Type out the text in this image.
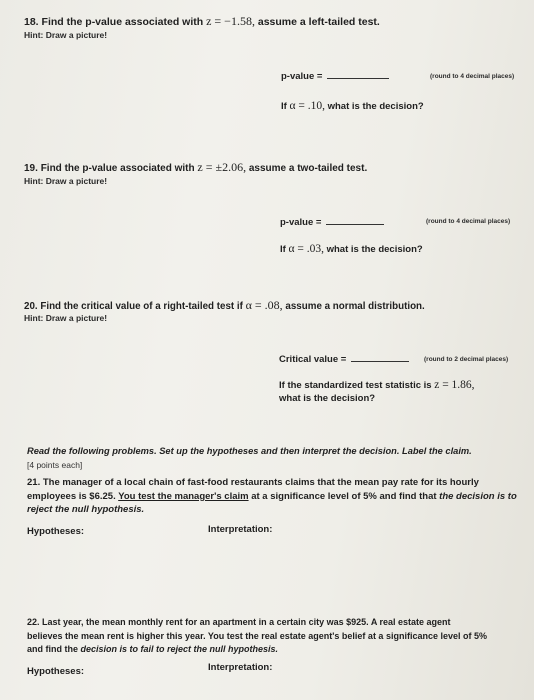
18. Find the p-value associated with z = −1.58, assume a left-tailed test.
Hint: Draw a picture!
p-value =	(round to 4 decimal places)
If α = .10, what is the decision?
19. Find the p-value associated with z = ±2.06, assume a two-tailed test.
Hint: Draw a picture!
p-value =	(round to 4 decimal places)
If α = .03, what is the decision?
20. Find the critical value of a right-tailed test if α = .08, assume a normal distribution.
Hint: Draw a picture!
Critical value =	(round to 2 decimal places)
If the standardized test statistic is z = 1.86,
what is the decision?
Read the following problems. Set up the hypotheses and then interpret the decision. Label the claim.
[4 points each]
21. The manager of a local chain of fast-food restaurants claims that the mean pay rate for its hourly
employees is $6.25. You test the manager's claim at a significance level of 5% and find that the decision is to
reject the null hypothesis.
Hypotheses:	Interpretation:
22. Last year, the mean monthly rent for an apartment in a certain city was $925. A real estate agent
believes the mean rent is higher this year. You test the real estate agent's belief at a significance level of 5%
and find the decision is to fail to reject the null hypothesis.
Hypotheses:	Interpretation:
